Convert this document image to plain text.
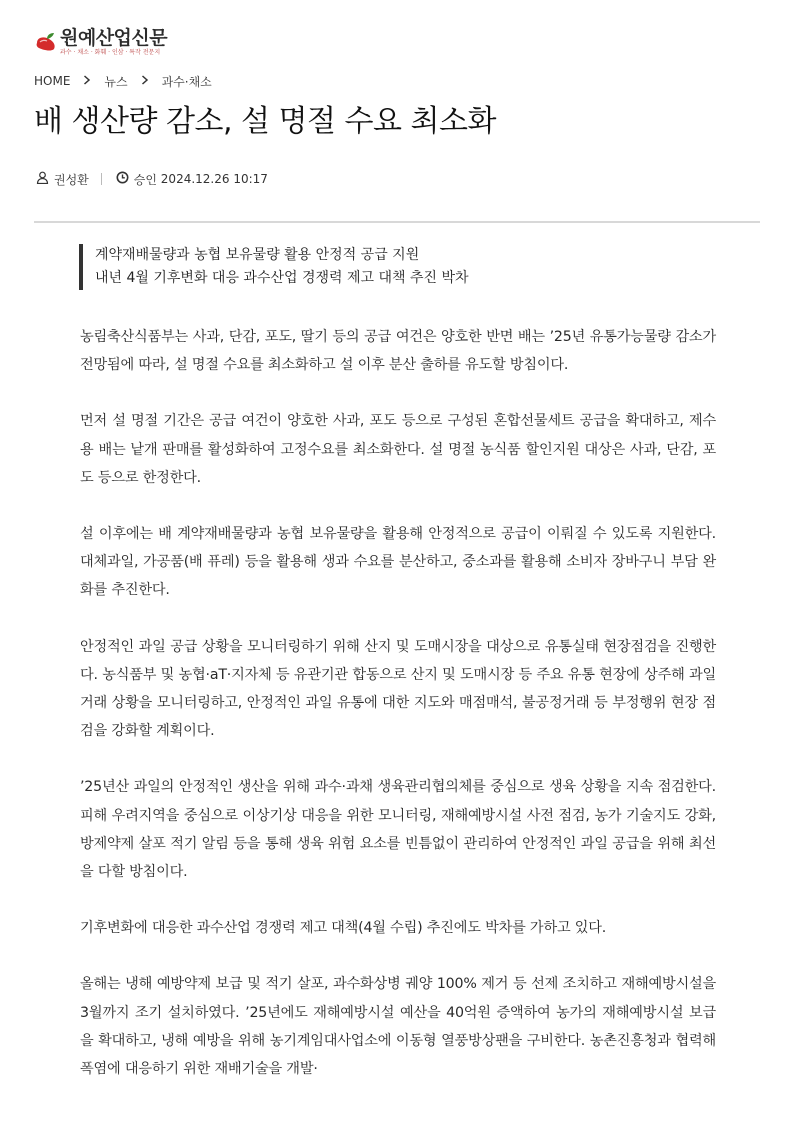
원예산업신문
과수 · 채소 · 화훼 · 인삼 · 특작 전문지
HOME	뉴스	과수·채소
배 생산량 감소, 설 명절 수요 최소화
권성환	승인
2024.12.26 10:17
계약재배물량과 농협 보유물량 활용 안정적 공급 지원
내년 4월 기후변화 대응 과수산업 경쟁력 제고 대책 추진 박차

농림축산식품부는 사과, 단감, 포도, 딸기 등의 공급 여건은 양호한 반면 배는 ’25년 유통가능물량 감소가 전망됨에 따라, 설 명절 수요를 최소화하고 설 이후 분산 출하를 유도할 방침이다.

먼저 설 명절 기간은 공급 여건이 양호한 사과, 포도 등으로 구성된 혼합선물세트 공급을 확대하고, 제수용 배는 낱개 판매를 활성화하여 고정수요를 최소화한다. 설 명절 농식품 할인지원 대상은 사과, 단감, 포도 등으로 한정한다.

설 이후에는 배 계약재배물량과 농협 보유물량을 활용해 안정적으로 공급이 이뤄질 수 있도록 지원한다. 대체과일, 가공품(배 퓨레) 등을 활용해 생과 수요를 분산하고, 중소과를 활용해 소비자 장바구니 부담 완화를 추진한다.

안정적인 과일 공급 상황을 모니터링하기 위해 산지 및 도매시장을 대상으로 유통실태 현장점검을 진행한다. 농식품부 및 농협·aT·지자체 등 유관기관 합동으로 산지 및 도매시장 등 주요 유통 현장에 상주해 과일 거래 상황을 모니터링하고, 안정적인 과일 유통에 대한 지도와 매점매석, 불공정거래 등 부정행위 현장 점검을 강화할 계획이다.

’25년산 과일의 안정적인 생산을 위해 과수·과채 생육관리협의체를 중심으로 생육 상황을 지속 점검한다. 피해 우려지역을 중심으로 이상기상 대응을 위한 모니터링, 재해예방시설 사전 점검, 농가 기술지도 강화, 방제약제 살포 적기 알림 등을 통해 생육 위험 요소를 빈틈없이 관리하여 안정적인 과일 공급을 위해 최선을 다할 방침이다.

기후변화에 대응한 과수산업 경쟁력 제고 대책(4월 수립) 추진에도 박차를 가하고 있다.

올해는 냉해 예방약제 보급 및 적기 살포, 과수화상병 궤양 100% 제거 등 선제 조치하고 재해예방시설을 3월까지 조기 설치하였다. ’25년에도 재해예방시설 예산을 40억원 증액하여 농가의 재해예방시설 보급을 확대하고, 냉해 예방을 위해 농기계임대사업소에 이동형 열풍방상팬을 구비한다. 농촌진흥청과 협력해 폭염에 대응하기 위한 재배기술을 개발·
